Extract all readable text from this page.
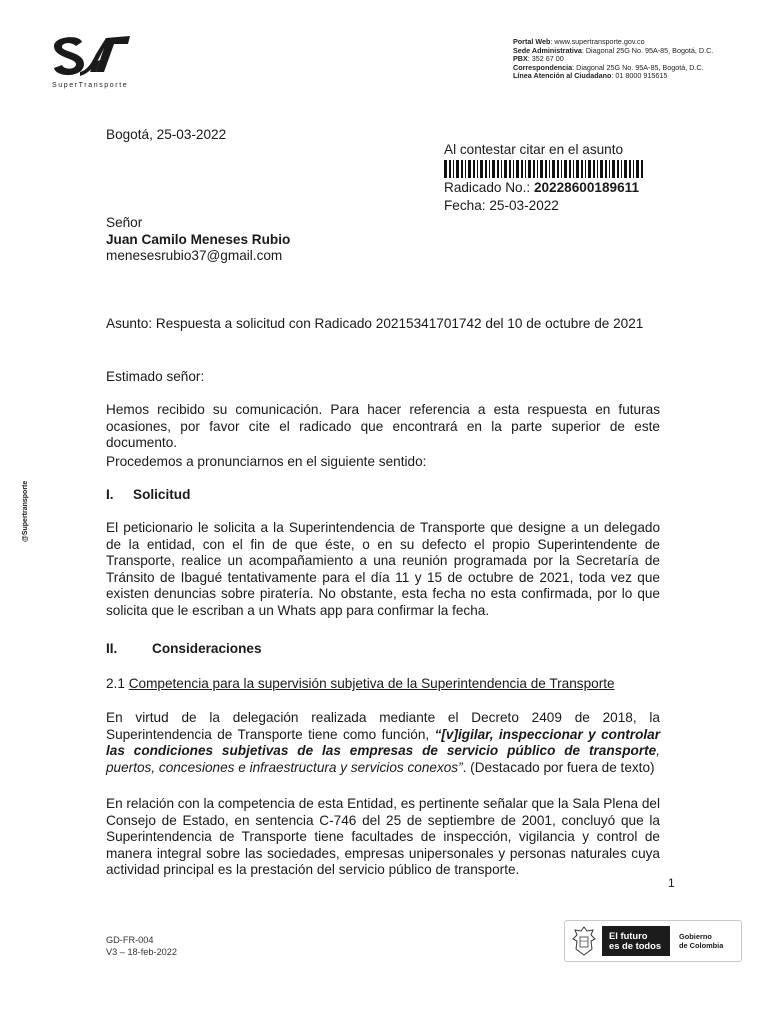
SuperTransporte
Portal Web: www.supertransporte.gov.co
Sede Administrativa: Diagonal 25G No. 95A-85, Bogotá, D.C.
PBX: 352 67 00
Correspondencia: Diagonal 25G No. 95A-85, Bogotá, D.C.
Línea Atención al Ciudadano: 01 8000 915615
@Supertransporte
Bogotá, 25-03-2022
Al contestar citar en el asunto
Radicado No.: 20228600189611
Fecha: 25-03-2022
Señor
Juan Camilo Meneses Rubio
menesesrubio37@gmail.com
Asunto: Respuesta a solicitud con Radicado 20215341701742 del 10 de octubre de 2021
Estimado señor:
Hemos recibido su comunicación. Para hacer referencia a esta respuesta en futuras ocasiones, por favor cite el radicado que encontrará en la parte superior de este documento.
Procedemos a pronunciarnos en el siguiente sentido:
I. Solicitud
El peticionario le solicita a la Superintendencia de Transporte que designe a un delegado de la entidad, con el fin de que éste, o en su defecto el propio Superintendente de Transporte, realice un acompañamiento a una reunión programada por la Secretaría de Tránsito de Ibagué tentativamente para el día 11 y 15 de octubre de 2021, toda vez que existen denuncias sobre piratería. No obstante, esta fecha no esta confirmada, por lo que solicita que le escriban a un Whats app para confirmar la fecha.
II.	Consideraciones
2.1 Competencia para la supervisión subjetiva de la Superintendencia de Transporte
En virtud de la delegación realizada mediante el Decreto 2409 de 2018, la Superintendencia de Transporte tiene como función, “[v]igilar, inspeccionar y controlar las condiciones subjetivas de las empresas de servicio público de transporte, puertos, concesiones e infraestructura y servicios conexos”. (Destacado por fuera de texto)
En relación con la competencia de esta Entidad, es pertinente señalar que la Sala Plena del Consejo de Estado, en sentencia C-746 del 25 de septiembre de 2001, concluyó que la Superintendencia de Transporte tiene facultades de inspección, vigilancia y control de manera integral sobre las sociedades, empresas unipersonales y personas naturales cuya actividad principal es la prestación del servicio público de transporte.
1
GD-FR-004
V3 – 18-feb-2022
El futuro
es de todos
Gobierno
de Colombia
